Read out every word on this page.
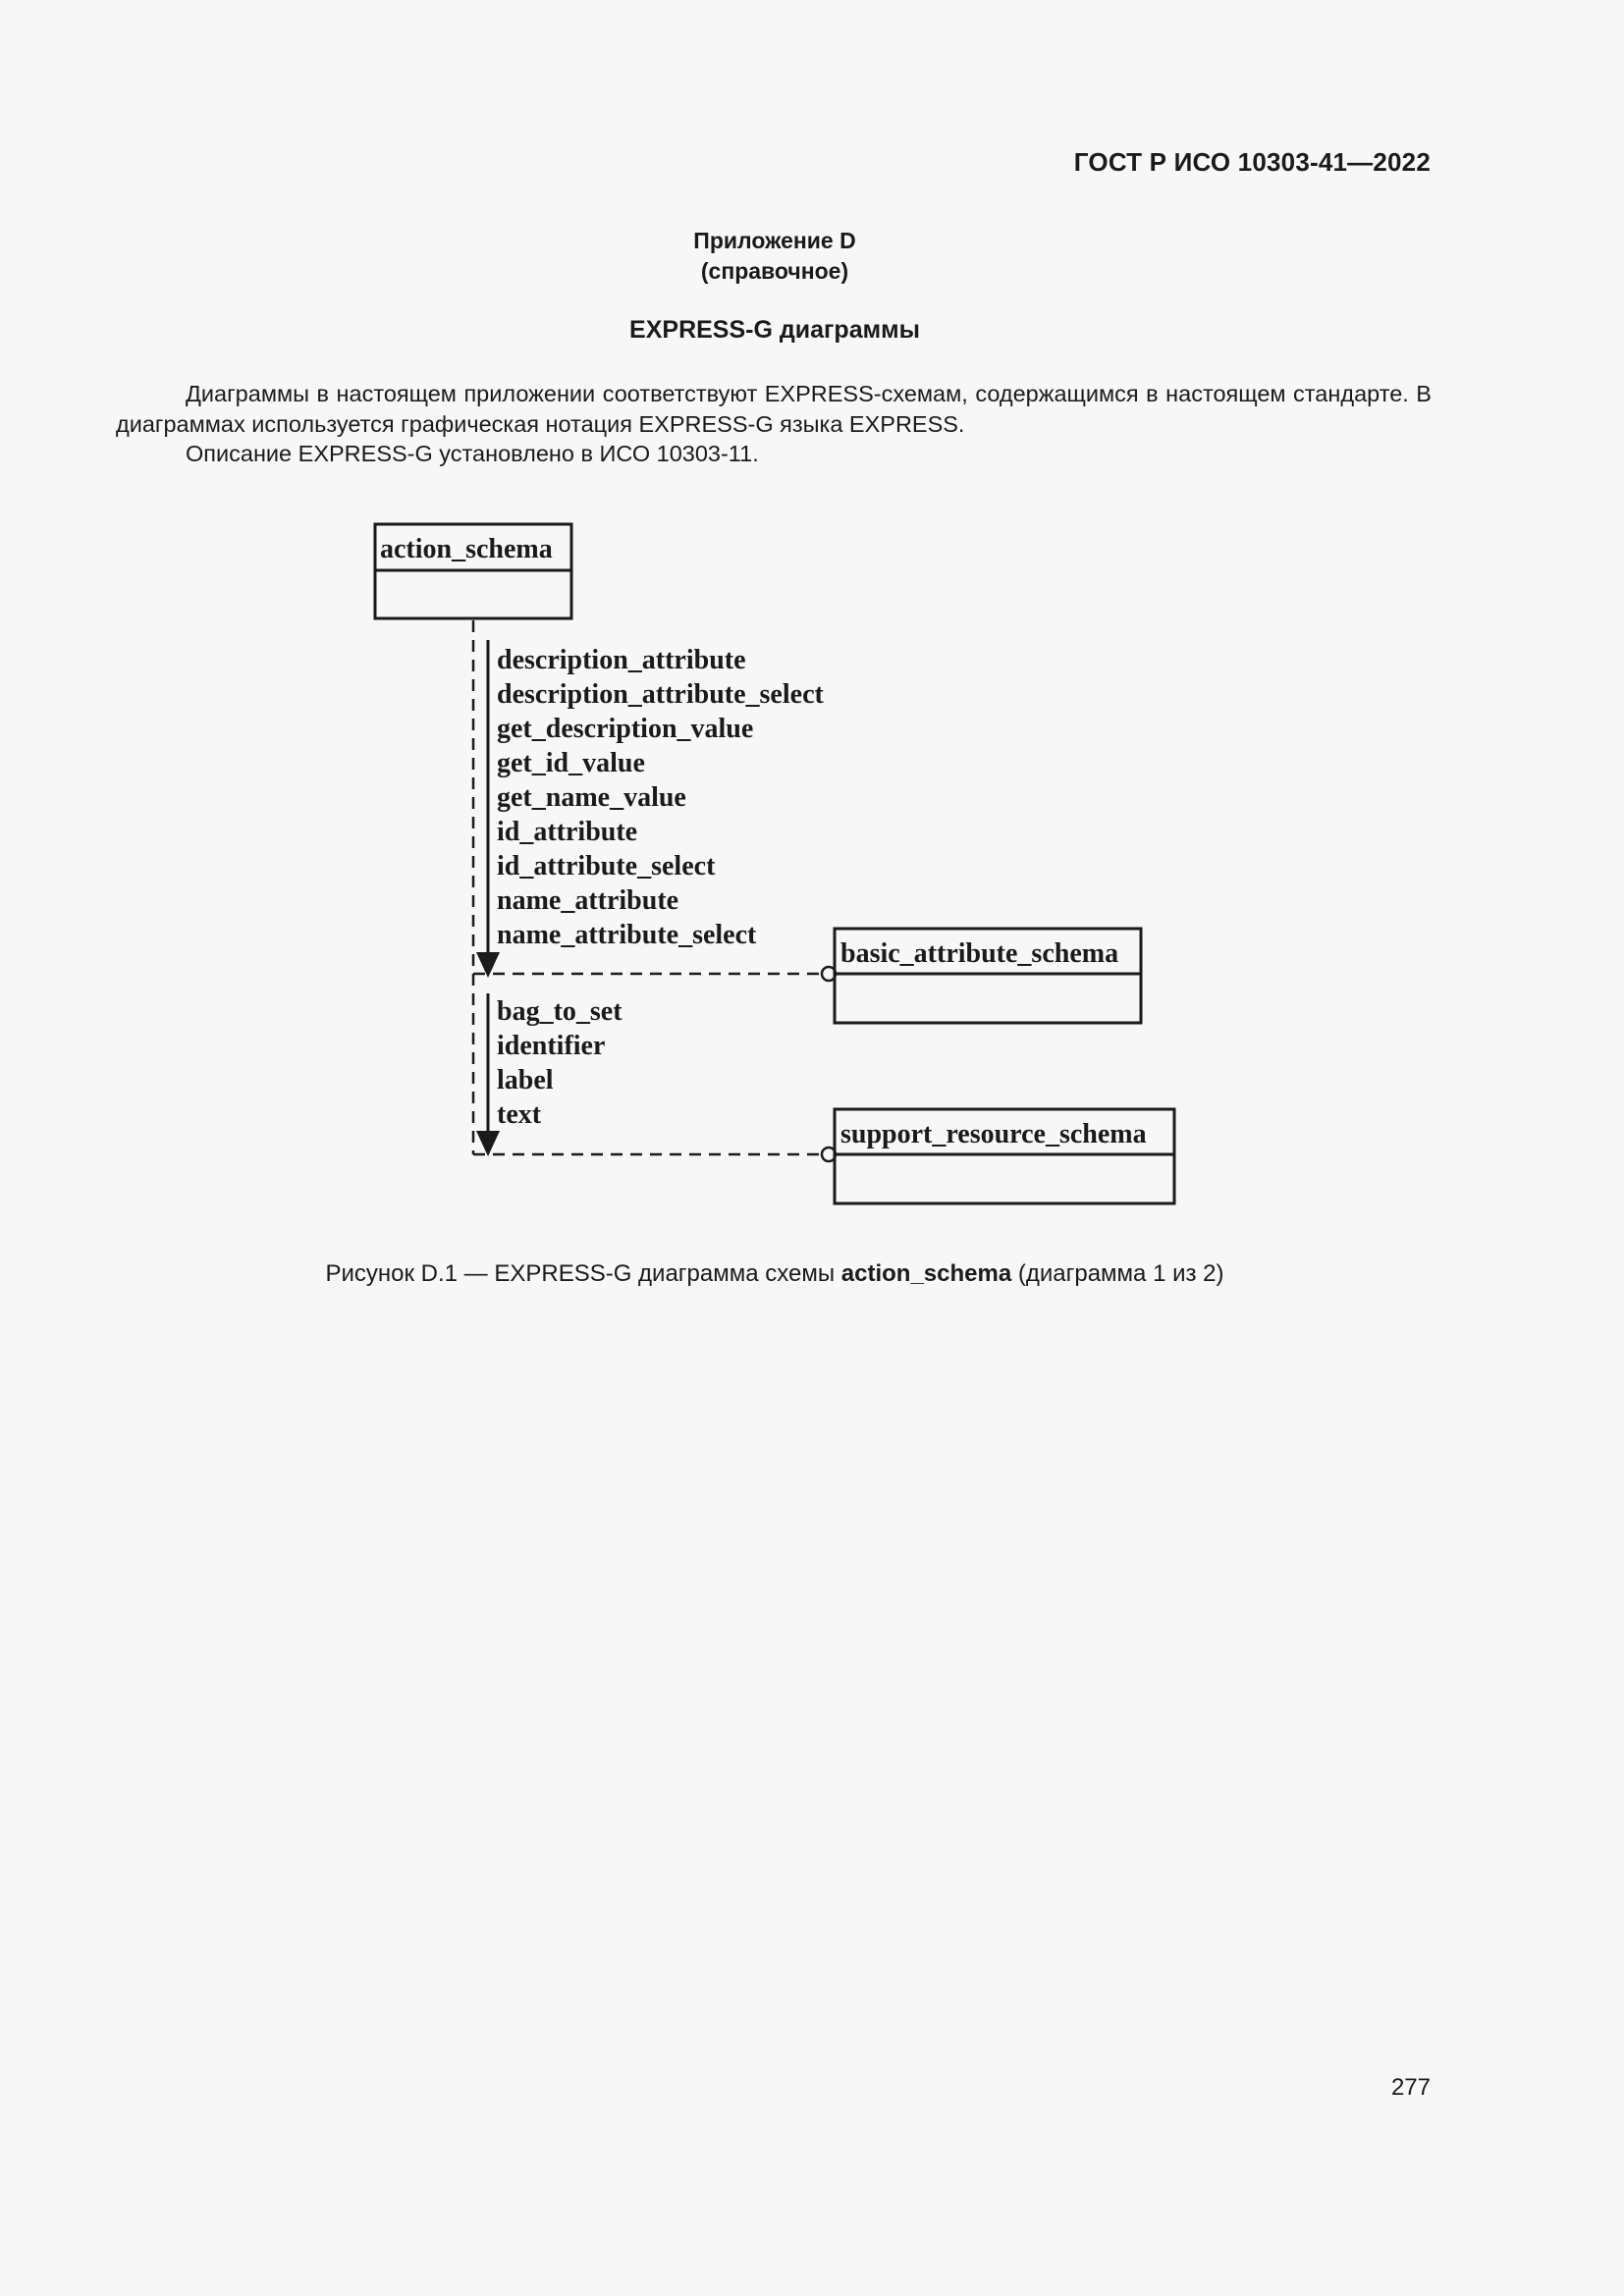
ГОСТ Р ИСО 10303-41—2022
Приложение D
(справочное)
EXPRESS-G диаграммы

Диаграммы в настоящем приложении соответствуют EXPRESS-схемам, содержащимся в настоящем стандарте. В диаграммах используется графическая нотация EXPRESS-G языка EXPRESS.

Описание EXPRESS-G установлено в ИСО 10303-11.

action_schema
description_attribute
description_attribute_select
get_description_value
get_id_value
get_name_value
id_attribute
id_attribute_select
name_attribute
name_attribute_select
basic_attribute_schema
bag_to_set
identifier
label
text
support_resource_schema
Рисунок D.1 — EXPRESS-G диаграмма схемы action_schema (диаграмма 1 из 2)
277
